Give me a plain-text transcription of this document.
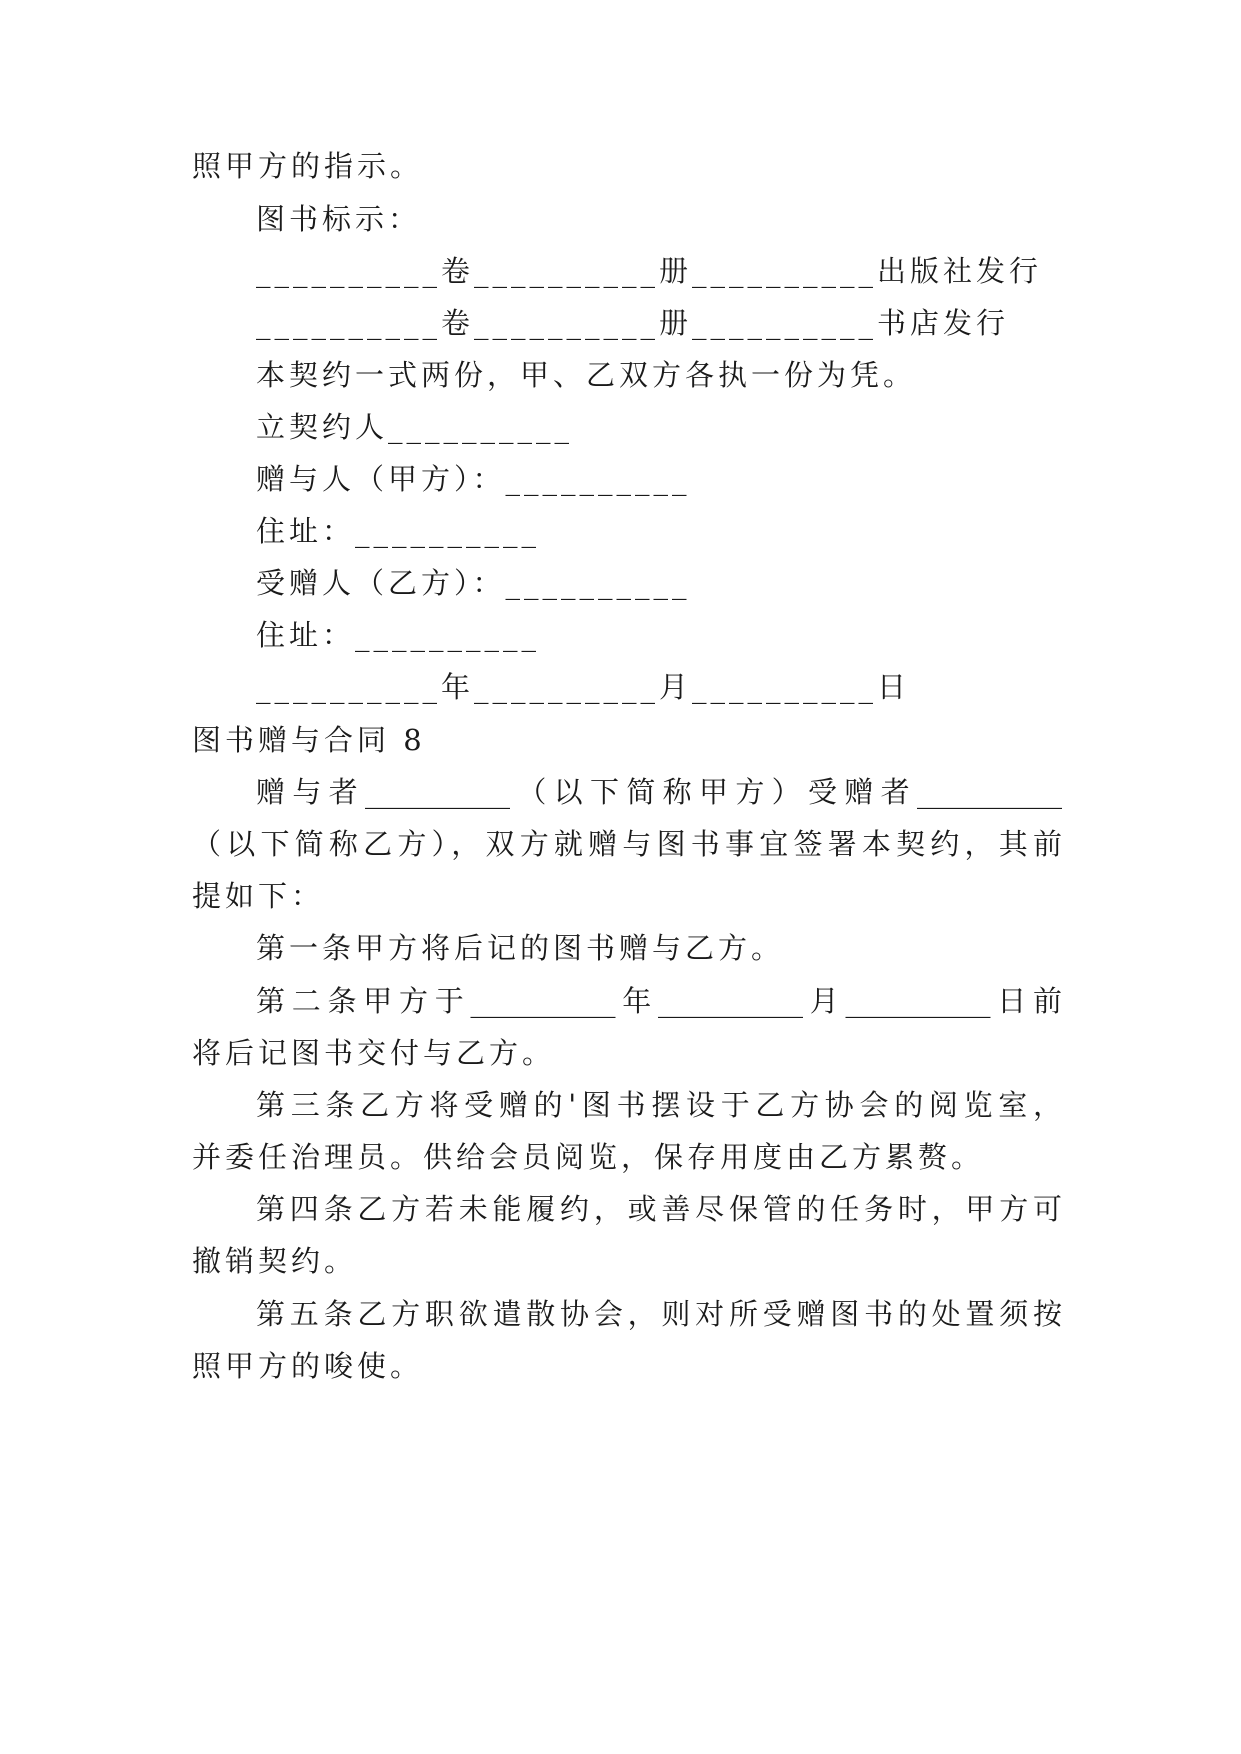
照甲方的指示。

图书标示：

__________卷__________册__________出版社发行

__________卷__________册__________书店发行

本契约一式两份，甲、乙双方各执一份为凭。

立契约人__________

赠与人（甲方）：__________

住址：__________

受赠人（乙方）：__________

住址：__________

__________年__________月__________日

图书赠与合同 8

赠与者__________（以下简称甲方）受赠者__________

（以下简称乙方），双方就赠与图书事宜签署本契约，其前

提如下：

第一条甲方将后记的图书赠与乙方。

第二条甲方于__________年__________月__________日前

将后记图书交付与乙方。

第三条乙方将受赠的'图书摆设于乙方协会的阅览室，

并委任治理员。供给会员阅览，保存用度由乙方累赘。

第四条乙方若未能履约，或善尽保管的任务时，甲方可

撤销契约。

第五条乙方职欲遣散协会，则对所受赠图书的处置须按

照甲方的唆使。
